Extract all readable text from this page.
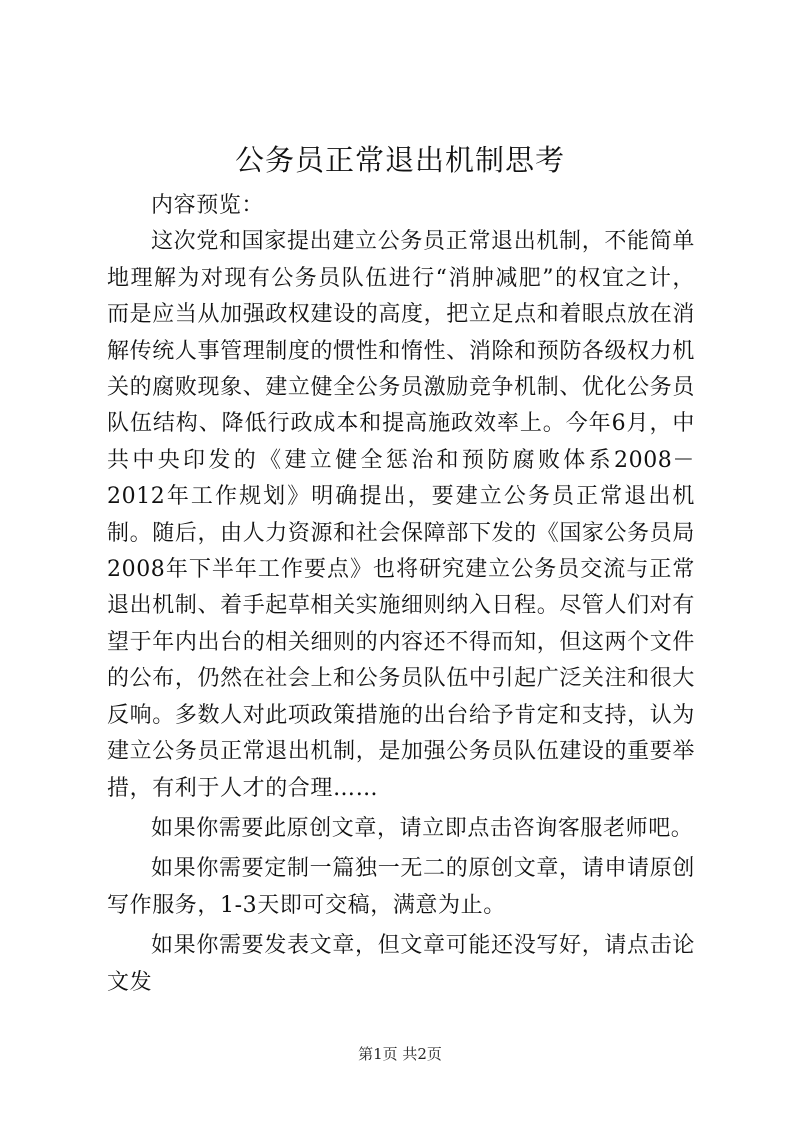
公务员正常退出机制思考

内容预览：

这次党和国家提出建立公务员正常退出机制，不能简单地理解为对现有公务员队伍进行“消肿减肥”的权宜之计，而是应当从加强政权建设的高度，把立足点和着眼点放在消解传统人事管理制度的惯性和惰性、消除和预防各级权力机关的腐败现象、建立健全公务员激励竞争机制、优化公务员队伍结构、降低行政成本和提高施政效率上。今年6月，中共中央印发的《建立健全惩治和预防腐败体系2008－2012年工作规划》明确提出，要建立公务员正常退出机制。随后，由人力资源和社会保障部下发的《国家公务员局2008年下半年工作要点》也将研究建立公务员交流与正常退出机制、着手起草相关实施细则纳入日程。尽管人们对有望于年内出台的相关细则的内容还不得而知，但这两个文件的公布，仍然在社会上和公务员队伍中引起广泛关注和很大反响。多数人对此项政策措施的出台给予肯定和支持，认为建立公务员正常退出机制，是加强公务员队伍建设的重要举措，有利于人才的合理……

如果你需要此原创文章，请立即点击咨询客服老师吧。

如果你需要定制一篇独一无二的原创文章，请申请原创写作服务，1-3天即可交稿，满意为止。

如果你需要发表文章，但文章可能还没写好，请点击论文发

第1页 共2页
